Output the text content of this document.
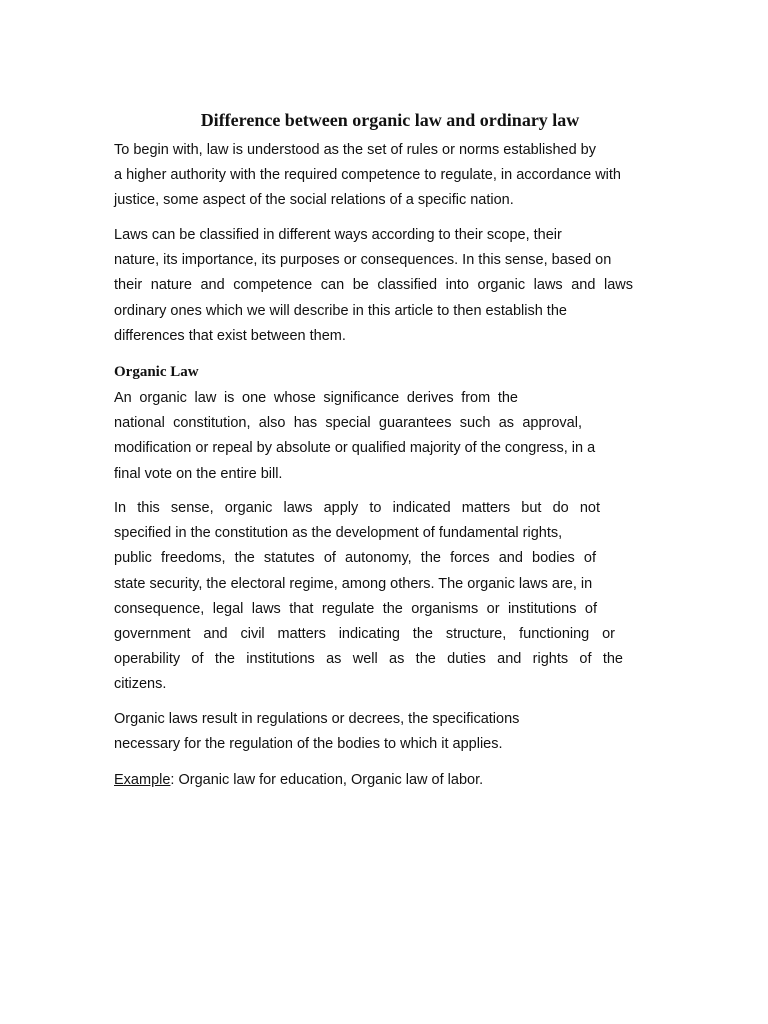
Difference between organic law and ordinary law

To begin with, law is understood as the set of rules or norms established by
a higher authority with the required competence to regulate, in accordance with
justice, some aspect of the social relations of a specific nation.

Laws can be classified in different ways according to their scope, their
nature, its importance, its purposes or consequences. In this sense, based on
their nature and competence can be classified into organic laws and laws
ordinary ones which we will describe in this article to then establish the
differences that exist between them.

Organic Law

An organic law is one whose significance derives from the
national constitution, also has special guarantees such as approval,
modification or repeal by absolute or qualified majority of the congress, in a
final vote on the entire bill.

In this sense, organic laws apply to indicated matters but do not
specified in the constitution as the development of fundamental rights,
public freedoms, the statutes of autonomy, the forces and bodies of
state security, the electoral regime, among others. The organic laws are, in
consequence, legal laws that regulate the organisms or institutions of
government and civil matters indicating the structure, functioning or
operability of the institutions as well as the duties and rights of the
citizens.

Organic laws result in regulations or decrees, the specifications
necessary for the regulation of the bodies to which it applies.

Example: Organic law for education, Organic law of labor.
